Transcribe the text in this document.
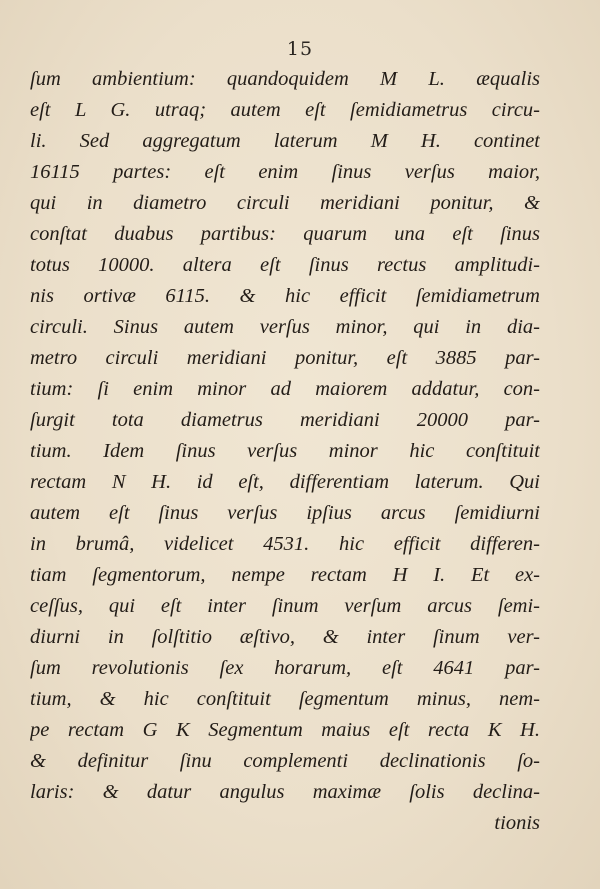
15
ſum ambientium: quandoquidem M L. æqualis
eſt L G. utraq; autem eſt ſemidiametrus circu-
li. Sed aggregatum laterum M H. continet
16115 partes: eſt enim ſinus verſus maior,
qui in diametro circuli meridiani ponitur, &
conſtat duabus partibus: quarum una eſt ſinus
totus 10000. altera eſt ſinus rectus amplitudi-
nis ortivæ 6115. & hic efficit ſemidiametrum
circuli. Sinus autem verſus minor, qui in dia-
metro circuli meridiani ponitur, eſt 3885 par-
tium: ſi enim minor ad maiorem addatur, con-
ſurgit tota diametrus meridiani 20000 par-
tium. Idem ſinus verſus minor hic conſtituit
rectam N H. id eſt, differentiam laterum. Qui
autem eſt ſinus verſus ipſius arcus ſemidiurni
in brumâ, videlicet 4531. hic efficit differen-
tiam ſegmentorum, nempe rectam H I. Et ex-
ceſſus, qui eſt inter ſinum verſum arcus ſemi-
diurni in ſolſtitio æſtivo, & inter ſinum ver-
ſum revolutionis ſex horarum, eſt 4641 par-
tium, & hic conſtituit ſegmentum minus, nem-
pe rectam G K Segmentum maius eſt recta K H.
& definitur ſinu complementi declinationis ſo-
laris: & datur angulus maximæ ſolis declina-
tionis
